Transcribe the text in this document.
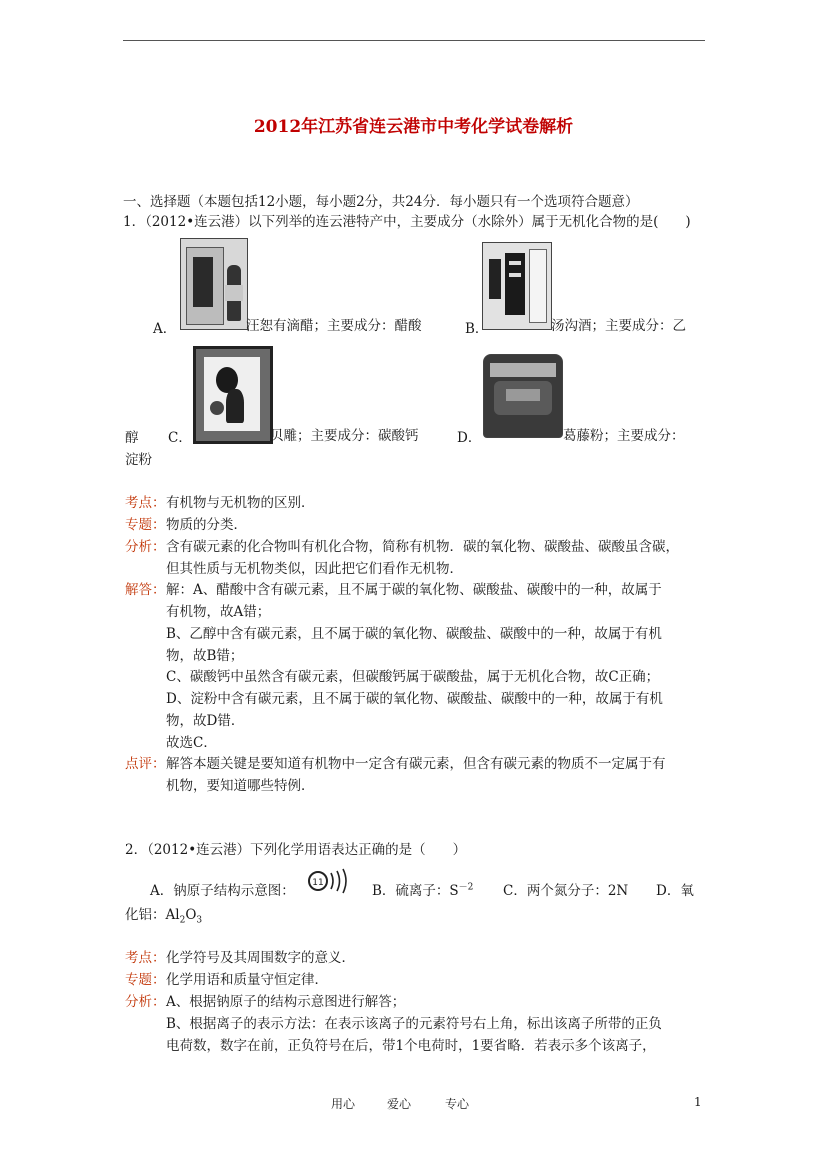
2012年江苏省连云港市中考化学试卷解析
一、选择题（本题包括12小题，每小题2分，共24分．每小题只有一个选项符合题意）
1．（2012•连云港）以下列举的连云港特产中，主要成分（水除外）属于无机化合物的是(　　)
A．	汪恕有滴醋；主要成分：醋酸	B．	汤沟酒；主要成分：乙
醇 C．	贝雕；主要成分：碳酸钙	D．	葛藤粉；主要成分：
淀粉
考点： 有机物与无机物的区别．
专题： 物质的分类．
分析： 含有碳元素的化合物叫有机化合物，简称有机物．碳的氧化物、碳酸盐、碳酸虽含碳，
但其性质与无机物类似，因此把它们看作无机物．
解答： 解：A、醋酸中含有碳元素，且不属于碳的氧化物、碳酸盐、碳酸中的一种，故属于
有机物，故A错；
B、乙醇中含有碳元素，且不属于碳的氧化物、碳酸盐、碳酸中的一种，故属于有机
物，故B错；
C、碳酸钙中虽然含有碳元素，但碳酸钙属于碳酸盐，属于无机化合物，故C正确；
D、淀粉中含有碳元素，且不属于碳的氧化物、碳酸盐、碳酸中的一种，故属于有机
物，故D错．
故选C．
点评： 解答本题关键是要知道有机物中一定含有碳元素，但含有碳元素的物质不一定属于有
机物，要知道哪些特例．
2．（2012•连云港）下列化学用语表达正确的是（　　）
A．钠原子结构示意图： 11	B．硫离子：$S^{-2}$ C．两个氮分子：2N D．氧
化铝：$Al_2O_3$
考点： 化学符号及其周围数字的意义．
专题： 化学用语和质量守恒定律．
分析： A、根据钠原子的结构示意图进行解答；
B、根据离子的表示方法：在表示该离子的元素符号右上角，标出该离子所带的正负
电荷数，数字在前，正负符号在后，带1个电荷时，1要省略．若表示多个该离子，
用心	爱心	专心	1
